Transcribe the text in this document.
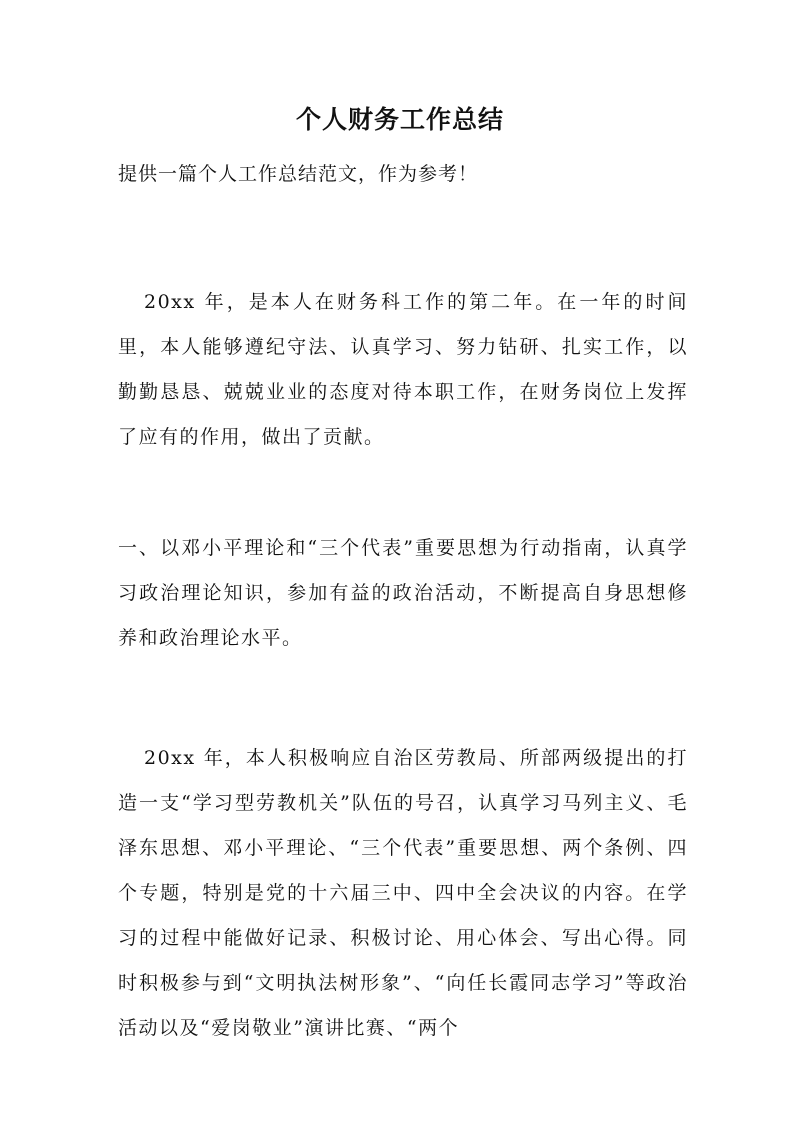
个人财务工作总结
提供一篇个人工作总结范文，作为参考！
20xx 年，是本人在财务科工作的第二年。在一年的时间里，本人能够遵纪守法、认真学习、努力钻研、扎实工作，以勤勤恳恳、兢兢业业的态度对待本职工作，在财务岗位上发挥了应有的作用，做出了贡献。
一、以邓小平理论和“三个代表”重要思想为行动指南，认真学习政治理论知识，参加有益的政治活动，不断提高自身思想修养和政治理论水平。
20xx 年，本人积极响应自治区劳教局、所部两级提出的打造一支“学习型劳教机关”队伍的号召，认真学习马列主义、毛泽东思想、邓小平理论、“三个代表”重要思想、两个条例、四个专题，特别是党的十六届三中、四中全会决议的内容。在学习的过程中能做好记录、积极讨论、用心体会、写出心得。同时积极参与到“文明执法树形象”、“向任长霞同志学习”等政治活动以及“爱岗敬业”演讲比赛、“两个
